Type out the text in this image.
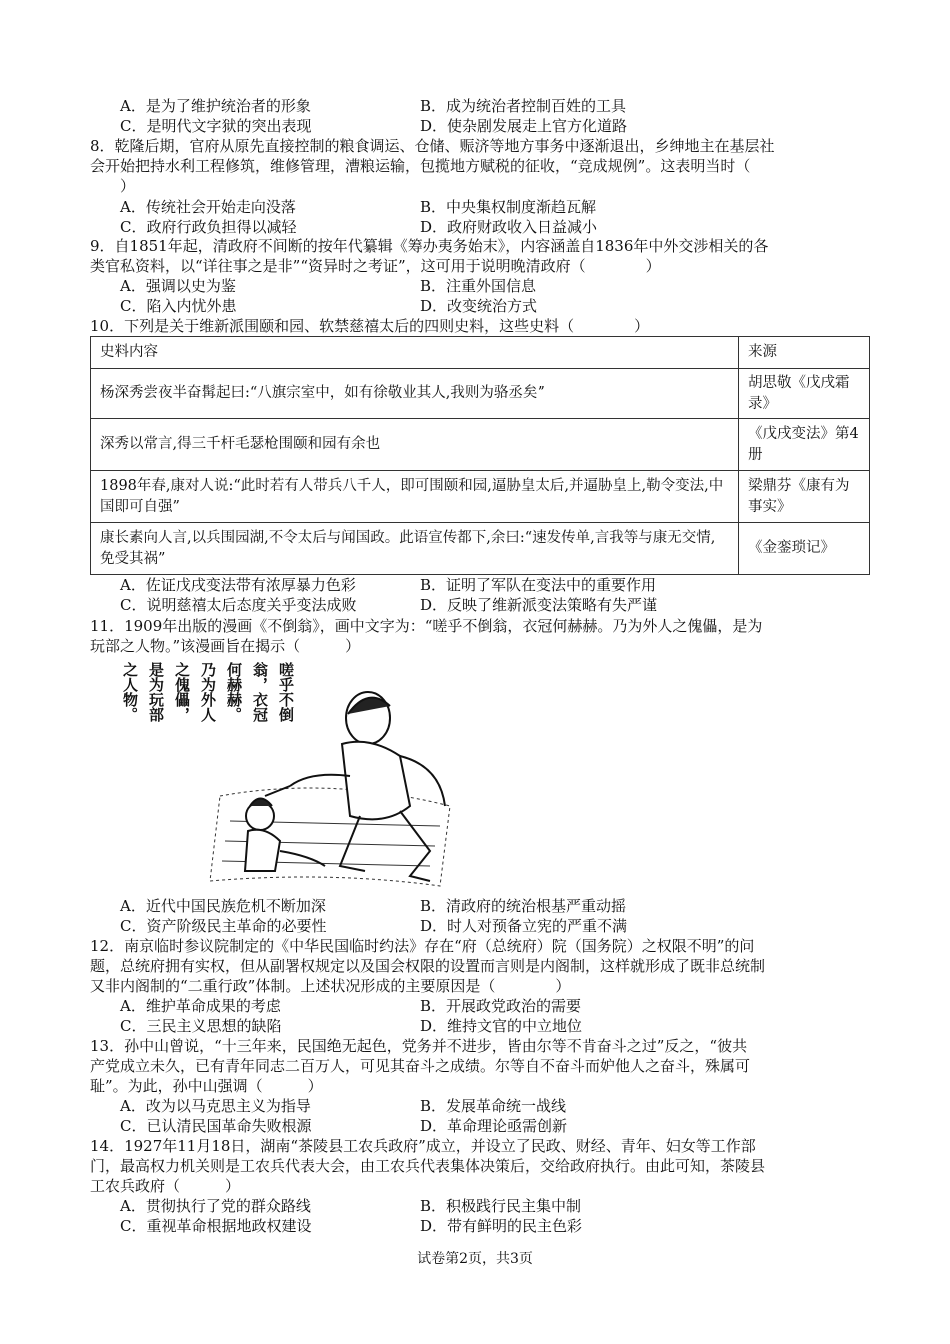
A．是为了维护统治者的形象	B．成为统治者控制百姓的工具
C．是明代文字狱的突出表现	D．使杂剧发展走上官方化道路
8．乾隆后期，官府从原先直接控制的粮食调运、仓储、赈济等地方事务中逐渐退出，乡绅地主在基层社
会开始把持水利工程修筑，维修管理，漕粮运输，包揽地方赋税的征收，“竞成规例”。这表明当时（
）
A．传统社会开始走向没落	B．中央集权制度渐趋瓦解
C．政府行政负担得以减轻	D．政府财政收入日益减小
9．自1851年起，清政府不间断的按年代纂辑《筹办夷务始末》，内容涵盖自1836年中外交涉相关的各
类官私资料，以“详往事之是非”“资异时之考证”，这可用于说明晚清政府（　　　　）
A．强调以史为鉴	B．注重外国信息
C．陷入内忧外患	D．改变统治方式
10．下列是关于维新派围颐和园、软禁慈禧太后的四则史料，这些史料（　　　　）
史料内容	来源
杨深秀尝夜半奋髯起曰:“八旗宗室中，如有徐敬业其人,我则为骆丞矣ˮ	胡思敬《戊戌霜录》
深秀以常言,得三千杆毛瑟枪围颐和园有余也	《戊戌变法》第4册
1898年春,康对人说:“此时若有人带兵八千人，即可围颐和园,逼胁皇太后,并逼胁皇上,勒令变法,中国即可自强”	梁鼎芬《康有为事实》
康长素向人言,以兵围园湖,不令太后与闻国政。此语宣传都下,余曰:“速发传单,言我等与康无交情,免受其祸”	《金銮琐记》
A．佐证戊戌变法带有浓厚暴力色彩	B．证明了军队在变法中的重要作用
C．说明慈禧太后态度关乎变法成败	D．反映了维新派变法策略有失严谨
11．1909年出版的漫画《不倒翁》，画中文字为：“嗟乎不倒翁，衣冠何赫赫。乃为外人之傀儡，是为
玩部之人物。”该漫画旨在揭示（　　　）
嗟乎不倒
翁，衣冠
何赫赫。
乃为外人
之傀儡，
是为玩部
之人物。
A．近代中国民族危机不断加深	B．清政府的统治根基严重动摇
C．资产阶级民主革命的必要性	D．时人对预备立宪的严重不满
12．南京临时参议院制定的《中华民国临时约法》存在“府（总统府）院（国务院）之权限不明”的问
题，总统府拥有实权，但从副署权规定以及国会权限的设置而言则是内阁制，这样就形成了既非总统制
又非内阁制的“二重行政”体制。上述状况形成的主要原因是（　　　　）
A．维护革命成果的考虑	B．开展政党政治的需要
C．三民主义思想的缺陷	D．维持文官的中立地位
13．孙中山曾说，“十三年来，民国绝无起色，党务并不进步，皆由尔等不肯奋斗之过”反之，“彼共
产党成立未久，已有青年同志二百万人，可见其奋斗之成绩。尔等自不奋斗而妒他人之奋斗，殊属可
耻”。为此，孙中山强调（　　　）
A．改为以马克思主义为指导	B．发展革命统一战线
C．已认清民国革命失败根源	D．革命理论亟需创新
14．1927年11月18日，湖南“茶陵县工农兵政府”成立，并设立了民政、财经、青年、妇女等工作部
门，最高权力机关则是工农兵代表大会，由工农兵代表集体决策后，交给政府执行。由此可知，茶陵县
工农兵政府（　　　）
A．贯彻执行了党的群众路线	B．积极践行民主集中制
C．重视革命根据地政权建设	D．带有鲜明的民主色彩
试卷第2页，共3页
